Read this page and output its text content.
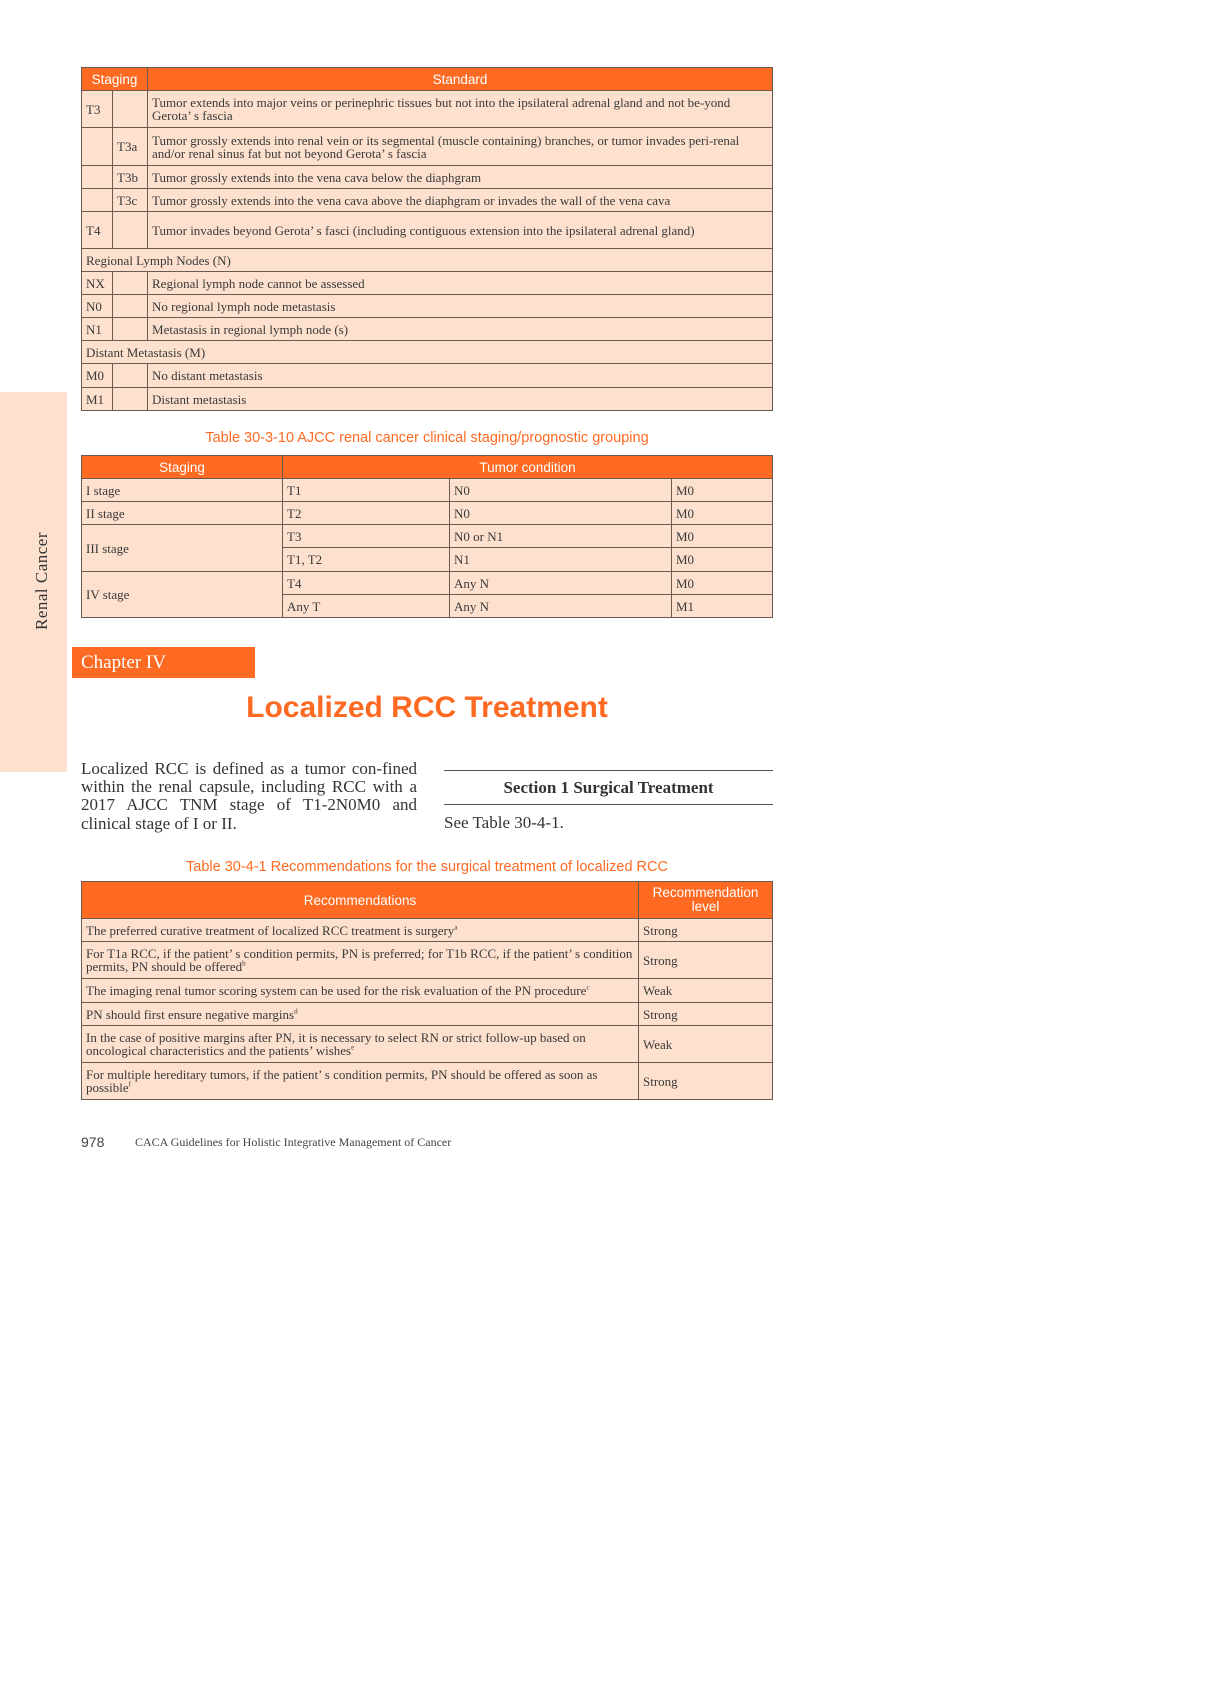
Renal Cancer
Staging		Standard
T3		Tumor extends into major veins or perinephric tissues but not into the ipsilateral adrenal gland and not be-yond Gerota’ s fascia
	T3a	Tumor grossly extends into renal vein or its segmental (muscle containing) branches, or tumor invades peri-renal and/or renal sinus fat but not beyond Gerota’ s fascia
	T3b	Tumor grossly extends into the vena cava below the diaphgram
	T3c	Tumor grossly extends into the vena cava above the diaphgram or invades the wall of the vena cava
T4		Tumor invades beyond Gerota’ s fasci (including contiguous extension into the ipsilateral adrenal gland)
Regional Lymph Nodes (N)		
NX		Regional lymph node cannot be assessed
N0		No regional lymph node metastasis
N1		Metastasis in regional lymph node (s)
Distant Metastasis (M)		
M0		No distant metastasis
M1		Distant metastasis
Table 30-3-10 AJCC renal cancer clinical staging/prognostic grouping
Staging	Tumor condition		
I stage	T1	N0	M0
II stage	T2	N0	M0
III stage	T3	N0 or N1	M0
	T1, T2	N1	M0
IV stage	T4	Any N	M0
	Any T	Any N	M1
Chapter IV
Localized RCC Treatment
Localized RCC is defined as a tumor con-fined within the renal capsule, including RCC with a 2017 AJCC TNM stage of T1-2N0M0 and clinical stage of I or II.
Section 1 Surgical Treatment
See Table 30-4-1.
Table 30-4-1 Recommendations for the surgical treatment of localized RCC
Recommendations	Recommendation level
The preferred curative treatment of localized RCC treatment is surgery$^a$	Strong
For T1a RCC, if the patient’ s condition permits, PN is preferred; for T1b RCC, if the patient’ s condition permits, PN should be offered$^b$	Strong
The imaging renal tumor scoring system can be used for the risk evaluation of the PN procedure$^c$	Weak
PN should first ensure negative margins$^d$	Strong
In the case of positive margins after PN, it is necessary to select RN or strict follow-up based on oncological characteristics and the patients’ wishes$^e$	Weak
For multiple hereditary tumors, if the patient’ s condition permits, PN should be offered as soon as possible$^f$	Strong
978	CACA Guidelines for Holistic Integrative Management of Cancer
